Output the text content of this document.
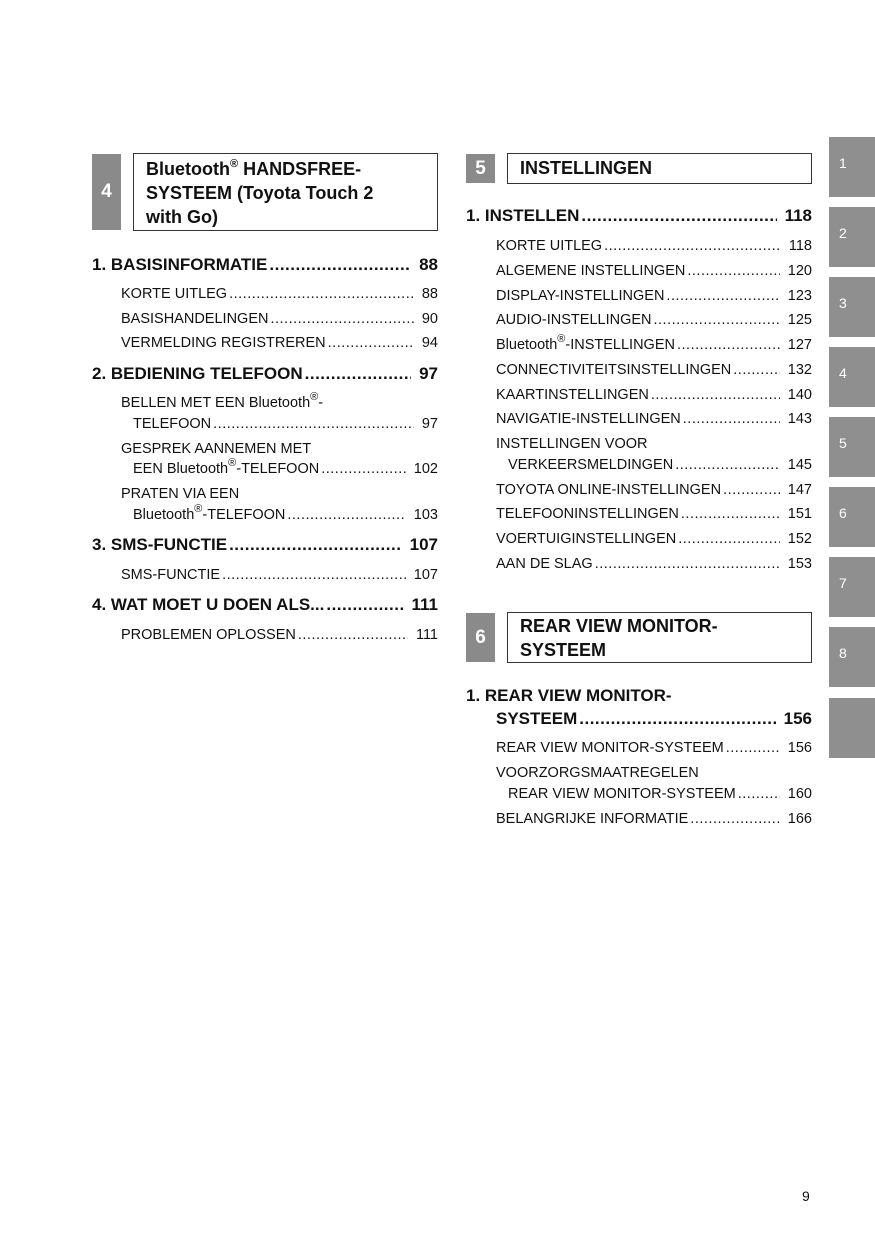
4
Bluetooth® HANDSFREE-
SYSTEEM (Toyota Touch 2
with Go)
1. BASISINFORMATIE .....	88
KORTE UITLEG .....	88
BASISHANDELINGEN .....	90
VERMELDING REGISTREREN .....	94
2. BEDIENING TELEFOON .....	97
BELLEN MET EEN Bluetooth®-
TELEFOON .....	97
GESPREK AANNEMEN MET
EEN Bluetooth®-TELEFOON .....	102
PRATEN VIA EEN
Bluetooth®-TELEFOON .....	103
3. SMS-FUNCTIE .....	107
SMS-FUNCTIE .....	107
4. WAT MOET U DOEN ALS... .....	111
PROBLEMEN OPLOSSEN .....	111
5	INSTELLINGEN
1. INSTELLEN .....	118
KORTE UITLEG .....	118
ALGEMENE INSTELLINGEN .....	120
DISPLAY-INSTELLINGEN .....	123
AUDIO-INSTELLINGEN .....	125
Bluetooth®-INSTELLINGEN .....	127
CONNECTIVITEITSINSTELLINGEN .....	132
KAARTINSTELLINGEN .....	140
NAVIGATIE-INSTELLINGEN .....	143
INSTELLINGEN VOOR
VERKEERSMELDINGEN .....	145
TOYOTA ONLINE-INSTELLINGEN .....	147
TELEFOONINSTELLINGEN .....	151
VOERTUIGINSTELLINGEN .....	152
AAN DE SLAG .....	153
6
REAR VIEW MONITOR-
SYSTEEM
1. REAR VIEW MONITOR-
SYSTEEM .....	156
REAR VIEW MONITOR-SYSTEEM .....	156
VOORZORGSMAATREGELEN
REAR VIEW MONITOR-SYSTEEM .....	160
BELANGRIJKE INFORMATIE .....	166
1
2
3
4
5
6
7
8
9
